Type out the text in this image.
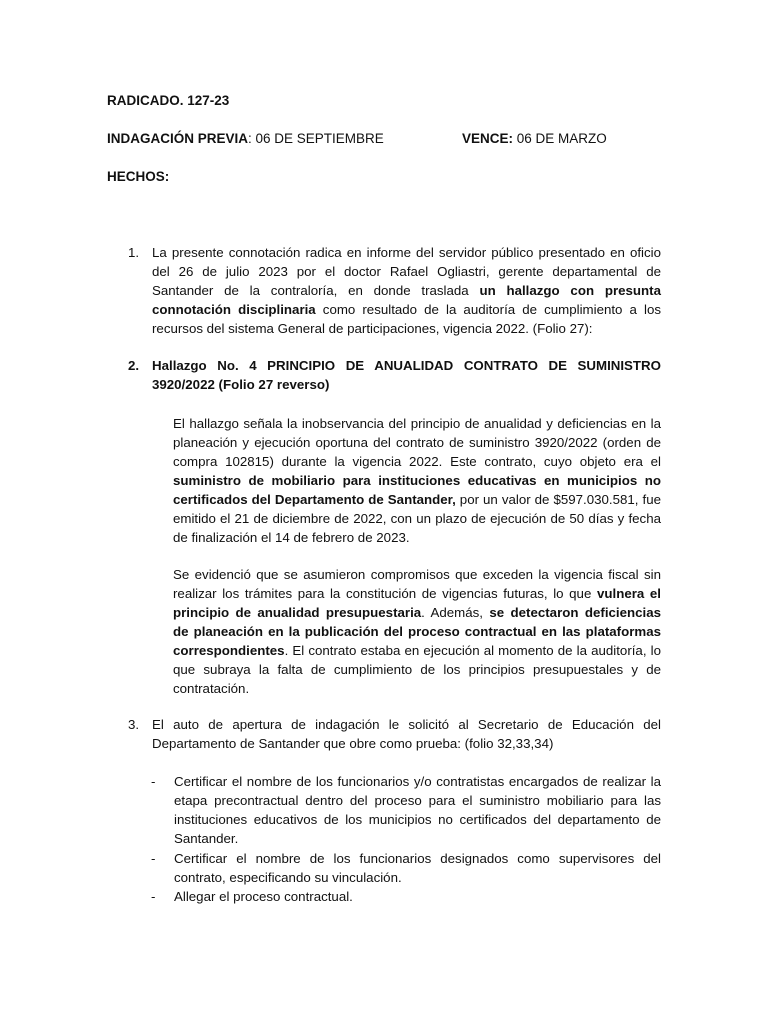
RADICADO. 127-23
INDAGACIÓN PREVIA: 06 DE SEPTIEMBRE	VENCE: 06 DE MARZO
HECHOS:
1. La presente connotación radica en informe del servidor público presentado en oficio del 26 de julio 2023 por el doctor Rafael Ogliastri, gerente departamental de Santander de la contraloría, en donde traslada un hallazgo con presunta connotación disciplinaria como resultado de la auditoría de cumplimiento a los recursos del sistema General de participaciones, vigencia 2022. (Folio 27):
2. Hallazgo No. 4 PRINCIPIO DE ANUALIDAD CONTRATO DE SUMINISTRO 3920/2022 (Folio 27 reverso)
El hallazgo señala la inobservancia del principio de anualidad y deficiencias en la planeación y ejecución oportuna del contrato de suministro 3920/2022 (orden de compra 102815) durante la vigencia 2022. Este contrato, cuyo objeto era el suministro de mobiliario para instituciones educativas en municipios no certificados del Departamento de Santander, por un valor de $597.030.581, fue emitido el 21 de diciembre de 2022, con un plazo de ejecución de 50 días y fecha de finalización el 14 de febrero de 2023.
Se evidenció que se asumieron compromisos que exceden la vigencia fiscal sin realizar los trámites para la constitución de vigencias futuras, lo que vulnera el principio de anualidad presupuestaria. Además, se detectaron deficiencias de planeación en la publicación del proceso contractual en las plataformas correspondientes. El contrato estaba en ejecución al momento de la auditoría, lo que subraya la falta de cumplimiento de los principios presupuestales y de contratación.
3. El auto de apertura de indagación le solicitó al Secretario de Educación del Departamento de Santander que obre como prueba: (folio 32,33,34)
- Certificar el nombre de los funcionarios y/o contratistas encargados de realizar la etapa precontractual dentro del proceso para el suministro mobiliario para las instituciones educativos de los municipios no certificados del departamento de Santander.
- Certificar el nombre de los funcionarios designados como supervisores del contrato, especificando su vinculación.
- Allegar el proceso contractual.
